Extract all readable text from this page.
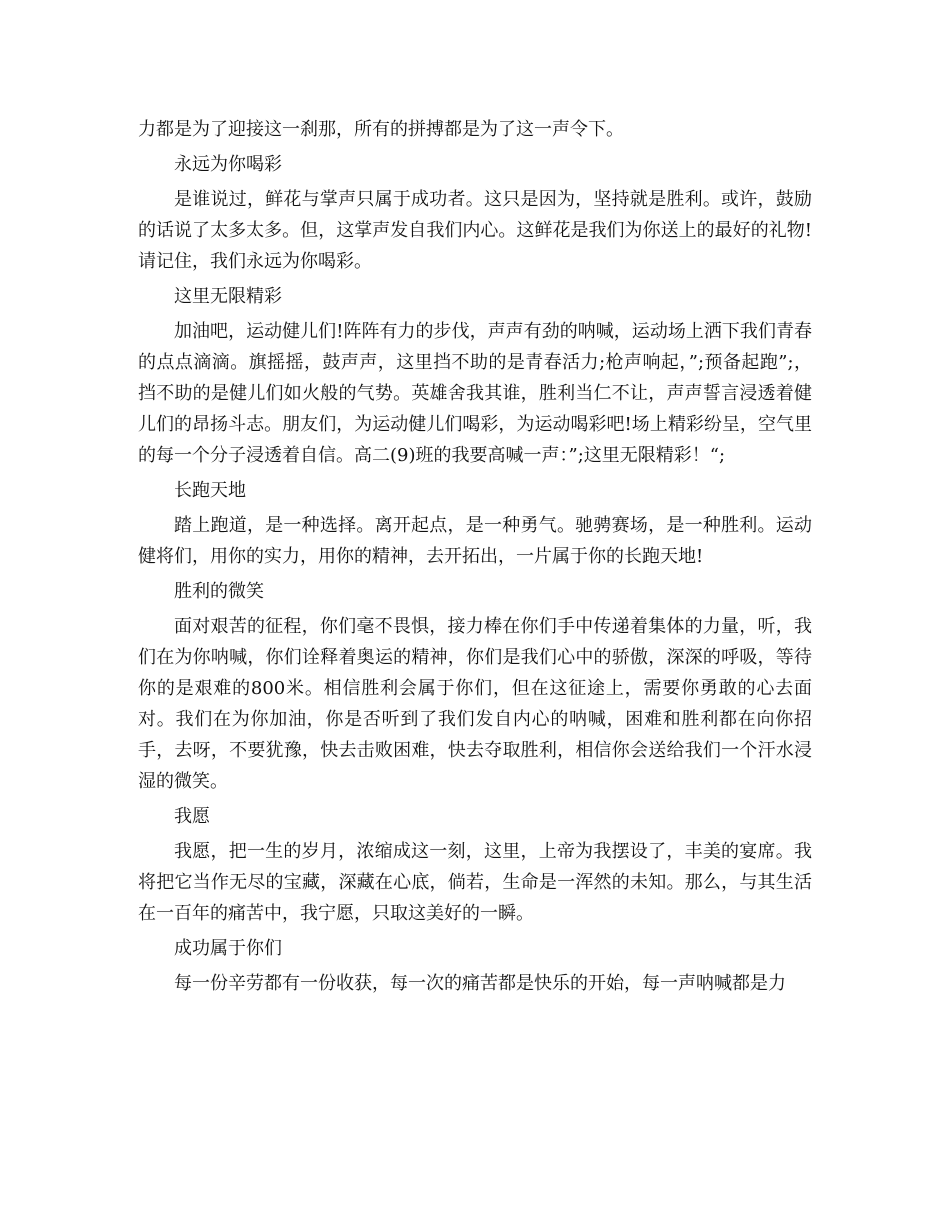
力都是为了迎接这一刹那，所有的拼搏都是为了这一声令下。

永远为你喝彩

是谁说过，鲜花与掌声只属于成功者。这只是因为，坚持就是胜利。或许，鼓励的话说了太多太多。但，这掌声发自我们内心。这鲜花是我们为你送上的最好的礼物!请记住，我们永远为你喝彩。

这里无限精彩

加油吧，运动健儿们!阵阵有力的步伐，声声有劲的呐喊，运动场上洒下我们青春的点点滴滴。旗摇摇，鼓声声，这里挡不助的是青春活力;枪声响起，”;预备起跑”;，挡不助的是健儿们如火般的气势。英雄舍我其谁，胜利当仁不让，声声誓言浸透着健儿们的昂扬斗志。朋友们，为运动健儿们喝彩，为运动喝彩吧!场上精彩纷呈，空气里的每一个分子浸透着自信。高二(9)班的我要高喊一声：”;这里无限精彩！“;

长跑天地

踏上跑道，是一种选择。离开起点，是一种勇气。驰骋赛场，是一种胜利。运动健将们，用你的实力，用你的精神，去开拓出，一片属于你的长跑天地!

胜利的微笑

面对艰苦的征程，你们毫不畏惧，接力棒在你们手中传递着集体的力量，听，我们在为你呐喊，你们诠释着奥运的精神，你们是我们心中的骄傲，深深的呼吸，等待你的是艰难的800米。相信胜利会属于你们，但在这征途上，需要你勇敢的心去面对。我们在为你加油，你是否听到了我们发自内心的呐喊，困难和胜利都在向你招手，去呀，不要犹豫，快去击败困难，快去夺取胜利，相信你会送给我们一个汗水浸湿的微笑。

我愿

我愿，把一生的岁月，浓缩成这一刻，这里，上帝为我摆设了，丰美的宴席。我将把它当作无尽的宝藏，深藏在心底，倘若，生命是一浑然的未知。那么，与其生活在一百年的痛苦中，我宁愿，只取这美好的一瞬。

成功属于你们

每一份辛劳都有一份收获，每一次的痛苦都是快乐的开始，每一声呐喊都是力
